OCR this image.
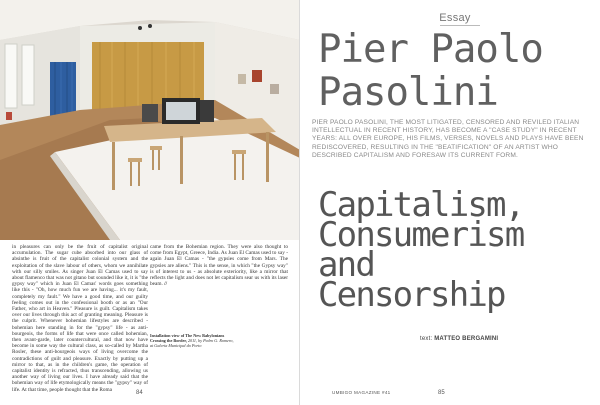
in pleasures can only be the fruit of capitalist original accumulation. The sugar cube absorbed into our glass of absinthe is fruit of the capitalist colonial system and the exploitation of the slave labour of others, whom we annihilate with our silly smiles. As singer Juan El Camas used to say about flamenco that was not gitano but sounded like it, it is "the gypsy way" which in Juan El Camas' words goes something like this - "Oh, how much fun we are having... it's my fault, completely my fault." We have a good time, and our guilty feeling comes out in the confessional booth or as an "Our Father, who art in Heaven." Pleasure is guilt. Capitalism takes over our lives through this act of granting meaning. Pleasure is the culprit. Whenever bohemian lifestyles are described - bohemian here standing in for the "gypsy" life - as anti-bourgeois, the forms of life that were once called bohemian, then avant-garde, later countercultural, and that now have become in some way the cultural class, as so-called by Martha Rosler, these anti-bourgeois ways of living overcome the contradictions of guilt and pleasure. Exactly by putting up a mirror to that, as in the children's game, the operation of capitalist identity is refracted, thus transcending, allowing us another way of living our lives. I have already said that the bohemian way of life etymologically means the "gypsy" way of life. At that time, people thought that the Roma
came from the Bohemian region. They were also thought to come from Egypt, Greece, India. As Juan El Camas used to say - again Juan El Camas - "the gypsies come from Mars. The gypsies are aliens." This is the sense, in which "the Gypsy way" is of interest to us - as absolute exteriority, like a mirror that reflects the light and does not let capitalism sear us with its laser beam. //
Installation view of The New Babylonians Crossing the Border, 2011, by Pedro G. Romero, at Galeria Municipal do Porto
84
Essay
Pier Paolo
Pasolini
PIER PAOLO PASOLINI, THE MOST LITIGATED, CENSORED AND REVILED ITALIAN INTELLECTUAL IN RECENT HISTORY, HAS BECOME A "CASE STUDY" IN RECENT YEARS: ALL OVER EUROPE, HIS FILMS, VERSES, NOVELS AND PLAYS HAVE BEEN REDISCOVERED, RESULTING IN THE "BEATIFICATION" OF AN ARTIST WHO DESCRIBED CAPITALISM AND FORESAW ITS CURRENT FORM.
Capitalism,
Consumerism
and
Censorship
text: MATTEO BERGAMINI
UMBIGO MAGAZINE #41	85
